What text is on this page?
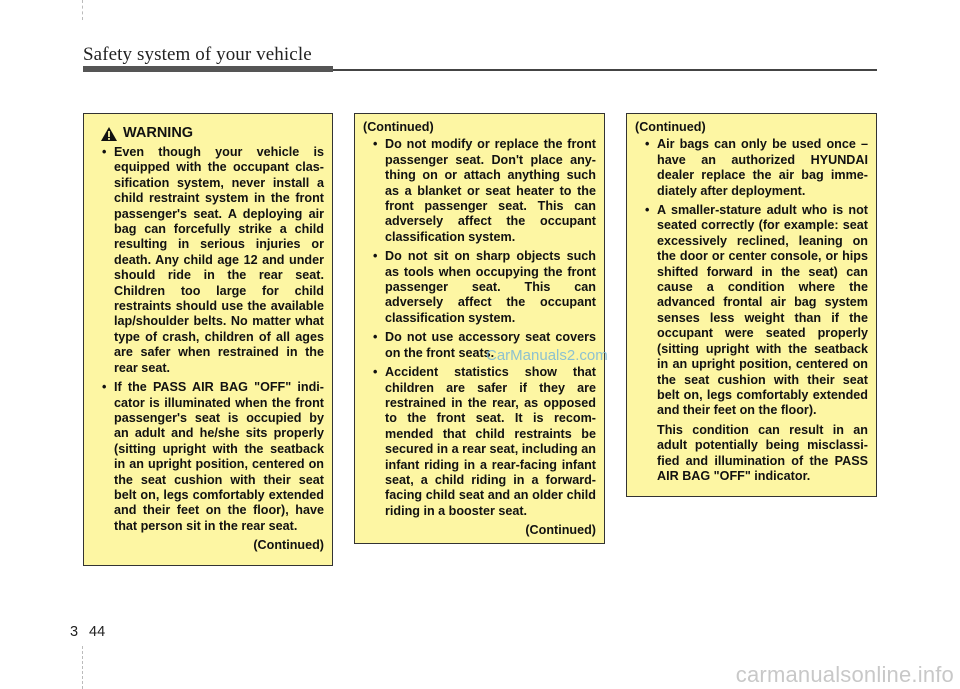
Safety system of your vehicle
WARNING
• Even though your vehicle is equipped with the occupant classification system, never install a child restraint system in the front passenger's seat. A deploying air bag can forcefully strike a child resulting in serious injuries or death. Any child age 12 and under should ride in the rear seat. Children too large for child restraints should use the available lap/shoulder belts. No matter what type of crash, children of all ages are safer when restrained in the rear seat.
• If the PASS AIR BAG "OFF" indicator is illuminated when the front passenger's seat is occupied by an adult and he/she sits properly (sitting upright with the seatback in an upright position, centered on the seat cushion with their seat belt on, legs comfortably extended and their feet on the floor), have that person sit in the rear seat.
(Continued)
(Continued)
• Do not modify or replace the front passenger seat. Don't place anything on or attach anything such as a blanket or seat heater to the front passenger seat. This can adversely affect the occupant classification system.
• Do not sit on sharp objects such as tools when occupying the front passenger seat. This can adversely affect the occupant classification system.
• Do not use accessory seat covers on the front seats.
• Accident statistics show that children are safer if they are restrained in the rear, as opposed to the front seat. It is recommended that child restraints be secured in a rear seat, including an infant riding in a rear-facing infant seat, a child riding in a forward-facing child seat and an older child riding in a booster seat.
(Continued)
(Continued)
• Air bags can only be used once – have an authorized HYUNDAI dealer replace the air bag immediately after deployment.
• A smaller-stature adult who is not seated correctly (for example: seat excessively reclined, leaning on the door or center console, or hips shifted forward in the seat) can cause a condition where the advanced frontal air bag system senses less weight than if the occupant were seated properly (sitting upright with the seatback in an upright position, centered on the seat cushion with their seat belt on, legs comfortably extended and their feet on the floor).
This condition can result in an adult potentially being misclassified and illumination of the PASS AIR BAG "OFF" indicator.
CarManuals2.com
3 44
carmanualsonline.info
